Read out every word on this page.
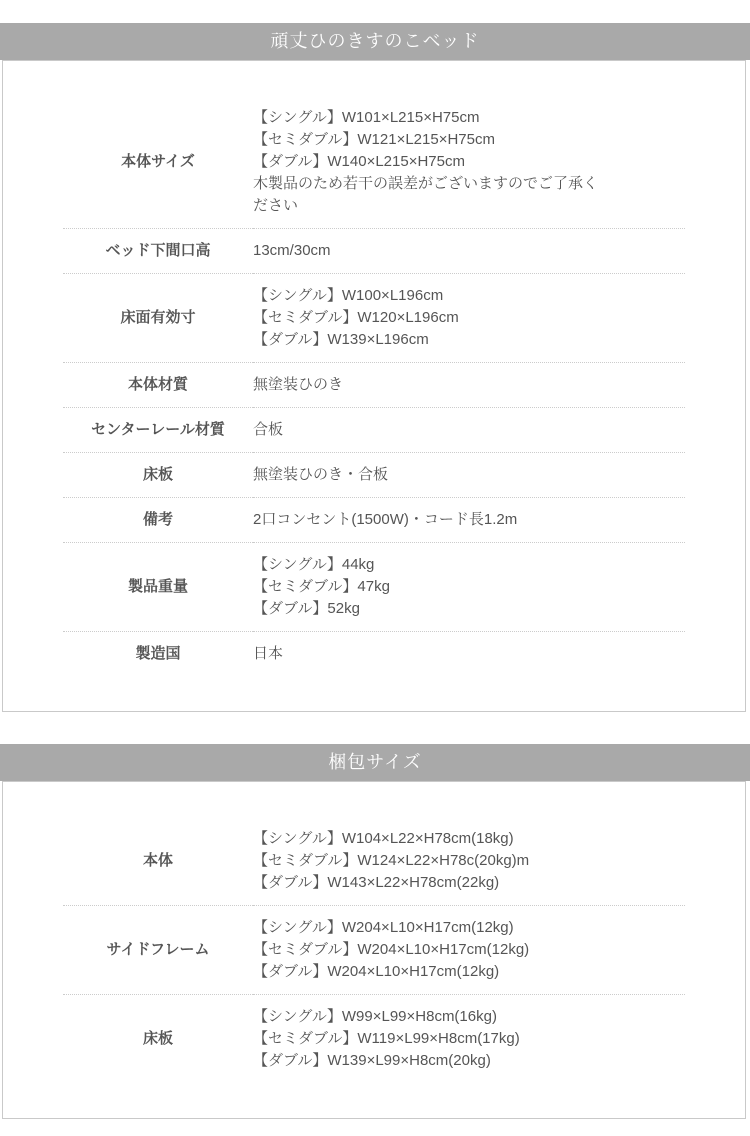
頑丈ひのきすのこベッド
本体サイズ	【シングル】W101×L215×H75cm
【セミダブル】W121×L215×H75cm
【ダブル】W140×L215×H75cm
木製品のため若干の誤差がございますのでご了承ください

ベッド下間口高	13cm/30cm

床面有効寸	【シングル】W100×L196cm
【セミダブル】W120×L196cm
【ダブル】W139×L196cm

本体材質	無塗装ひのき

センターレール材質	合板

床板	無塗装ひのき・合板

備考	2口コンセント(1500W)・コード長1.2m

製品重量	【シングル】44kg
【セミダブル】47kg
【ダブル】52kg

製造国	日本
梱包サイズ
本体	【シングル】W104×L22×H78cm(18kg)
【セミダブル】W124×L22×H78c(20kg)m
【ダブル】W143×L22×H78cm(22kg)

サイドフレーム	【シングル】W204×L10×H17cm(12kg)
【セミダブル】W204×L10×H17cm(12kg)
【ダブル】W204×L10×H17cm(12kg)

床板	【シングル】W99×L99×H8cm(16kg)
【セミダブル】W119×L99×H8cm(17kg)
【ダブル】W139×L99×H8cm(20kg)
